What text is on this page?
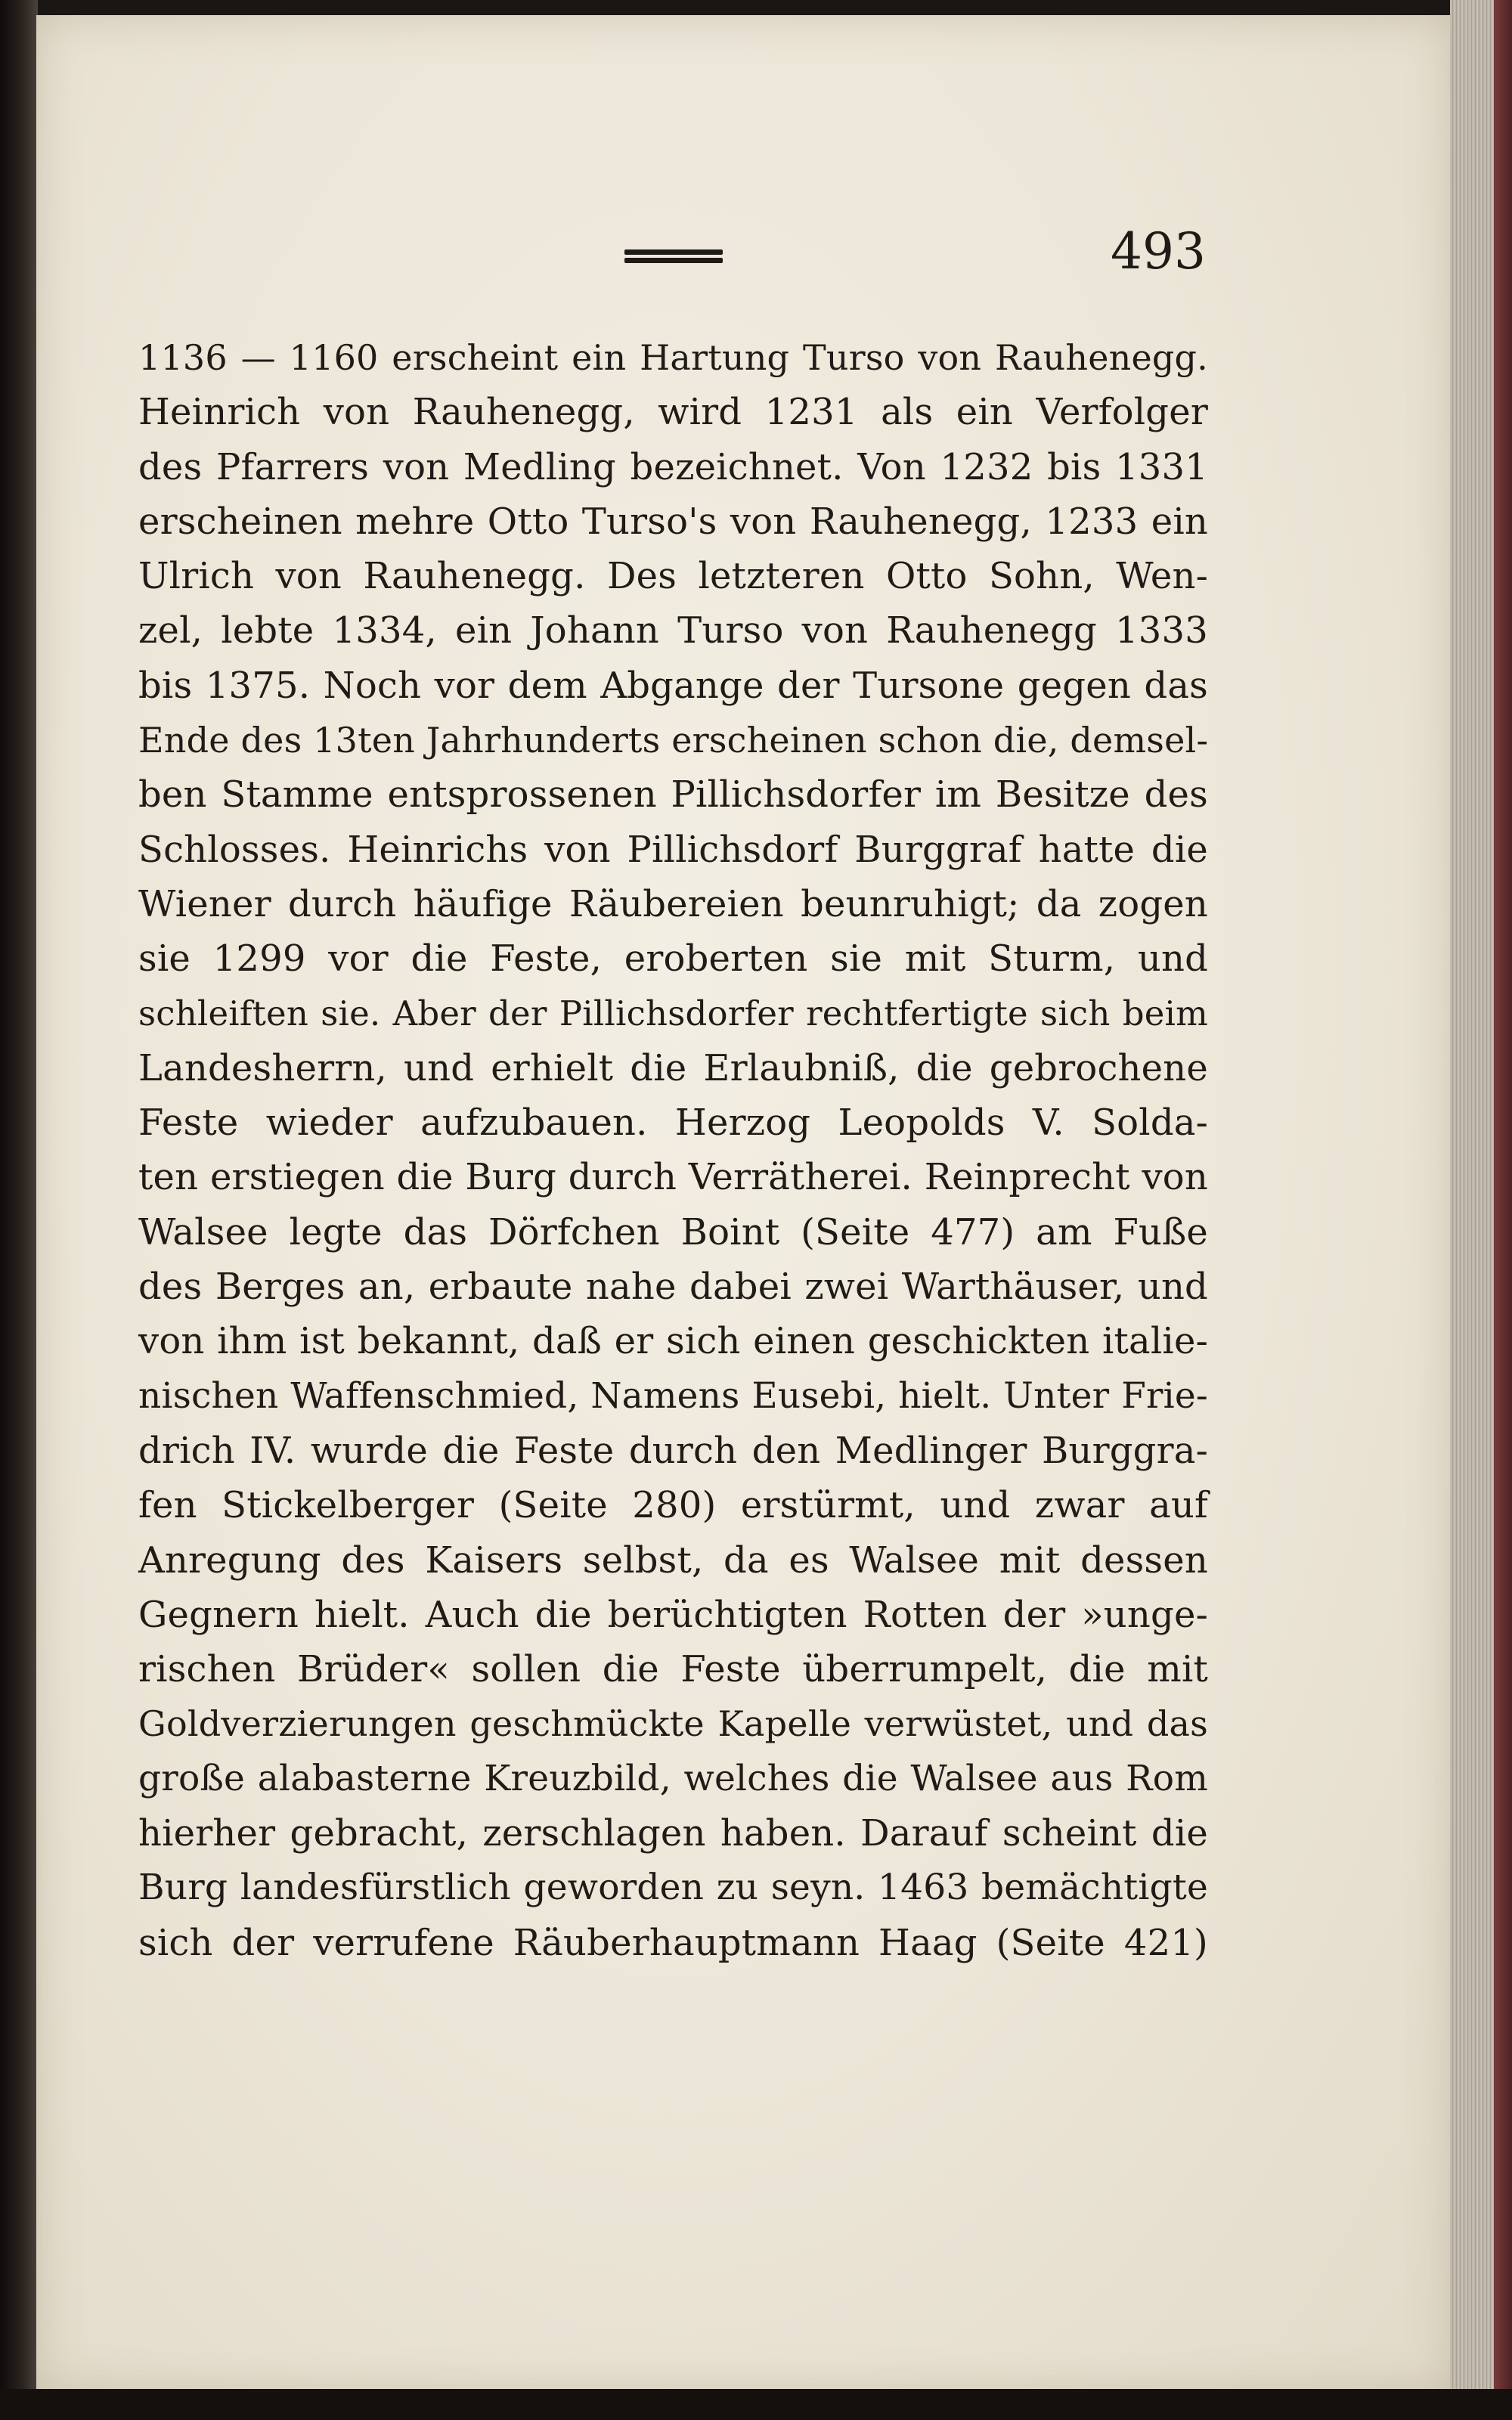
493
1136 — 1160 erscheint ein Hartung Turso von Rauhenegg.
Heinrich von Rauhenegg, wird 1231 als ein Verfolger
des Pfarrers von Medling bezeichnet. Von 1232 bis 1331
erscheinen mehre Otto Turso's von Rauhenegg, 1233 ein
Ulrich von Rauhenegg. Des letzteren Otto Sohn, Wen-
zel, lebte 1334, ein Johann Turso von Rauhenegg 1333
bis 1375. Noch vor dem Abgange der Tursone gegen das
Ende des 13ten Jahrhunderts erscheinen schon die, demsel-
ben Stamme entsprossenen Pillichsdorfer im Besitze des
Schlosses. Heinrichs von Pillichsdorf Burggraf hatte die
Wiener durch häufige Räubereien beunruhigt; da zogen
sie 1299 vor die Feste, eroberten sie mit Sturm, und
schleiften sie. Aber der Pillichsdorfer rechtfertigte sich beim
Landesherrn, und erhielt die Erlaubniß, die gebrochene
Feste wieder aufzubauen. Herzog Leopolds V. Solda-
ten erstiegen die Burg durch Verrätherei. Reinprecht von
Walsee legte das Dörfchen Boint (Seite 477) am Fuße
des Berges an, erbaute nahe dabei zwei Warthäuser, und
von ihm ist bekannt, daß er sich einen geschickten italie-
nischen Waffenschmied, Namens Eusebi, hielt. Unter Frie-
drich IV. wurde die Feste durch den Medlinger Burggra-
fen Stickelberger (Seite 280) erstürmt, und zwar auf
Anregung des Kaisers selbst, da es Walsee mit dessen
Gegnern hielt. Auch die berüchtigten Rotten der »unge-
rischen Brüder« sollen die Feste überrumpelt, die mit
Goldverzierungen geschmückte Kapelle verwüstet, und das
große alabasterne Kreuzbild, welches die Walsee aus Rom
hierher gebracht, zerschlagen haben. Darauf scheint die
Burg landesfürstlich geworden zu seyn. 1463 bemächtigte
sich der verrufene Räuberhauptmann Haag (Seite 421)
